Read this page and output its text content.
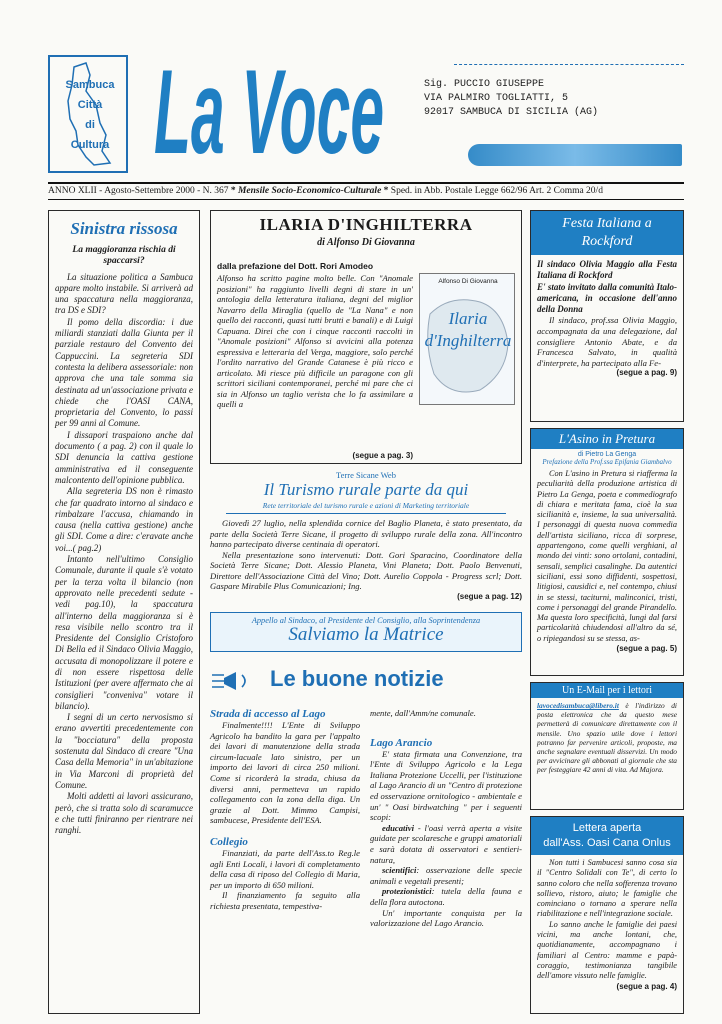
Sambuca
Città
di
Cultura La Voce	Sig. PUCCIO GIUSEPPE
VIA PALMIRO TOGLIATTI, 5
92017 SAMBUCA DI SICILIA (AG)
ANNO XLII - Agosto-Settembre 2000 - N. 367 * Mensile Socio-Economico-Culturale * Sped. in Abb. Postale Legge 662/96 Art. 2 Comma 20/d
Sinistra rissosa
La maggioranza rischia di spaccarsi?

La situazione politica a Sambuca appare molto instabile. Si arriverà ad una spaccatura nella maggioranza, tra DS e SDI?

Il pomo della discordia: i due miliardi stanziati dalla Giunta per il parziale restauro del Convento dei Cappuccini. La segreteria SDI contesta la delibera assessoriale: non approva che una tale somma sia destinata ad un'associazione privata e chiede che l'OASI CANA, proprietaria del Convento, lo passi per 99 anni al Comune.

I dissapori traspaiono anche dal documento ( a pag. 2) con il quale lo SDI denuncia la cattiva gestione amministrativa ed il conseguente malcontento dell'opinione pubblica.

Alla segreteria DS non è rimasto che far quadrato intorno al sindaco e rimbalzare l'accusa, chiamando in causa (nella cattiva gestione) anche gli SDI. Come a dire: c'eravate anche voi...( pag.2)

Intanto nell'ultimo Consiglio Comunale, durante il quale s'è votato per la terza volta il bilancio (non approvato nelle precedenti sedute - vedi pag.10), la spaccatura all'interno della maggioranza si è resa visibile nello scontro tra il Presidente del Consiglio Cristoforo Di Bella ed il Sindaco Olivia Maggio, accusata di monopolizzare il potere e di non essere rispettosa delle Istituzioni (per avere affermato che ai consiglieri "conveniva" votare il bilancio).

I segni di un certo nervosismo si erano avvertiti precedentemente con la "bocciatura" della proposta sostenuta dal Sindaco di creare "Una Casa della Memoria" in un'abitazione in Via Marconi di proprietà del Comune.

Molti addetti ai lavori assicurano, però, che si tratta solo di scaramucce e che tutti finiranno per rientrare nei ranghi.

ILARIA D'INGHILTERRA
di Alfonso Di Giovanna
dalla prefazione del Dott. Rori Amodeo
Alfonso ha scritto pagine molto belle. Con "Anomale posizioni" ha raggiunto livelli degni di stare in un' antologia della letteratura italiana, degni del miglior Navarro della Miraglia (quello de "La Nana" e non quello dei racconti, quasi tutti brutti e banali) e di Luigi Capuana. Direi che con i cinque racconti raccolti in "Anomale posizioni" Alfonso si avvicini alla potenza espressiva e letteraria del Verga, maggiore, solo perché l'ordito narrativo del Grande Catanese è più ricco e articolato. Mi riesce più difficile un paragone con gli scrittori siciliani contemporanei, perché mi pare che ci sia in Alfonso un taglio verista che lo fa assimilare a quelli a
(segue a pag. 3)
Alfonso Di Giovanna
Ilaria
d'Inghilterra
Terre Sicane Web
Il Turismo rurale parte da qui
Rete territoriale del turismo rurale e azioni di Marketing territoriale

Giovedì 27 luglio, nella splendida cornice del Baglio Planeta, è stato presentato, da parte della Società Terre Sicane, il progetto di sviluppo rurale della zona. All'incontro hanno partecipato diverse centinaia di operatori.

Nella presentazione sono intervenuti: Dott. Gori Sparacino, Coordinatore della Società Terre Sicane; Dott. Alessio Planeta, Vini Planeta; Dott. Paolo Benvenuti, Direttore dell'Associazione Città del Vino; Dott. Aurelio Coppola - Progress scrl; Dott. Gaspare Mirabile Plus Comunicazioni; Ing.

(segue a pag. 12)
Appello al Sindaco, al Presidente del Consiglio, alla Soprintendenza
Salviamo la Matrice
Le buone notizie
Strada di accesso al Lago

Finalmente!!!! L'Ente di Sviluppo Agricolo ha bandito la gara per l'appalto dei lavori di manutenzione della strada circum-lacuale lato sinistro, per un importo dei lavori di circa 250 milioni. Come si ricorderà la strada, chiusa da diversi anni, permetteva un rapido collegamento con la zona della diga. Un grazie al Dott. Mimmo Campisi, sambucese, Presidente dell'ESA.

Collegio

Finanziati, da parte dell'Ass.to Reg.le agli Enti Locali, i lavori di completamento della casa di riposo del Collegio di Maria, per un importo di 650 milioni.

Il finanziamento fa seguito alla richiesta presentata, tempestiva-

mente, dall'Amm/ne comunale.

Lago Arancio

E' stata firmata una Convenzione, tra l'Ente di Sviluppo Agricolo e la Lega Italiana Protezione Uccelli, per l'istituzione al Lago Arancio di un "Centro di protezione ed osservazione ornitologico - ambientale e un' " Oasi birdwatching " per i seguenti scopi:

educativi - l'oasi verrà aperta a visite guidate per scolaresche e gruppi amatoriali e sarà dotata di osservatori e sentieri-natura,

scientifici: osservazione delle specie animali e vegetali presenti;

protezionistici: tutela della fauna e della flora autoctona.

Un' importante conquista per la valorizzazione del Lago Arancio.

Festa Italiana a
Rockford

Il sindaco Olivia Maggio alla Festa Italiana di Rockford

E' stato invitato dalla comunità Italo-americana, in occasione dell'anno della Donna

Il sindaco, prof.ssa Olivia Maggio, accompagnata da una delegazione, dal consigliere Antonio Abate, e da Francesca Salvato, in qualità d'interprete, ha partecipato alla Fe-

(segue a pag. 9)
L'Asino in Pretura
di Pietro La Genga
Prefazione della Prof.ssa Epifania Giambalvo

Con L'asino in Pretura si riafferma la peculiarità della produzione artistica di Pietro La Genga, poeta e commediografo di chiara e meritata fama, cioè la sua sicilianità e, insieme, la sua universalità. I personaggi di questa nuova commedia dell'artista siciliano, ricca di sorprese, appartengono, come quelli verghiani, al mondo dei vinti: sono ortolani, contadini, sensali, semplici casalinghe. Da autentici siciliani, essi sono diffidenti, sospettosi, litigiosi, causidici e, nel contempo, chiusi in se stessi, taciturni, malinconici, tristi, come i personaggi del grande Pirandello. Ma questa loro specificità, lungi dal farsi particolarità chiudendosi all'altro da sé, o ripiegandosi su se stessa, as-

(segue a pag. 5)
Un E-Mail per i lettori

lavocedisambuca@libero.it è l'indirizzo di posta elettronica che da questo mese permetterà di comunicare direttamente con il mensile. Uno spazio utile dove i lettori potranno far pervenire articoli, proposte, ma anche segnalare eventuali disservizi. Un modo per avvicinare gli abbonati al giornale che sta per festeggiare 42 anni di vita. Ad Majora.

Lettera aperta
dall'Ass. Oasi Cana Onlus

Non tutti i Sambucesi sanno cosa sia il "Centro Solidali con Te", di certo lo sanno coloro che nella sofferenza trovano sollievo, ristoro, aiuto; le famiglie che cominciano o tornano a sperare nella riabilitazione e nell'integrazione sociale.

Lo sanno anche le famiglie dei paesi vicini, ma anche lontani, che, quotidianamente, accompagnano i familiari al Centro: mamme e papà-coraggio, testimonianza tangibile dell'amore vissuto nelle famiglie.

(segue a pag. 4)
